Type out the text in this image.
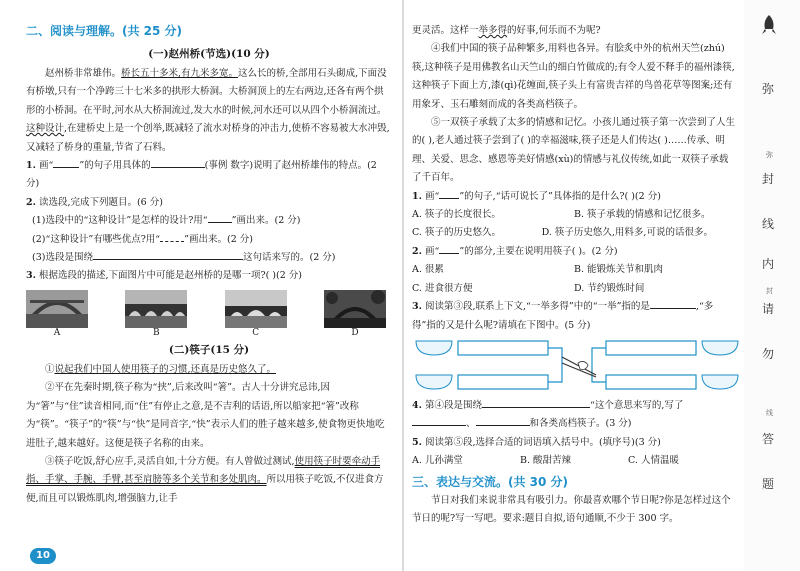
二、阅读与理解。(共 25 分)
(一)赵州桥(节选)(10 分)

赵州桥非常雄伟。桥长五十多米,有九米多宽。这么长的桥,全部用石头砌成,下面没有桥墩,只有一个净跨三十七米多的拱形大桥洞。大桥洞顶上的左右两边,还各有两个拱形的小桥洞。在平时,河水从大桥洞流过,发大水的时候,河水还可以从四个小桥洞流过。这种设计,在建桥史上是一个创举,既减轻了流水对桥身的冲击力,使桥不容易被大水冲毁,又减轻了桥身的重量,节省了石料。

1. 画“	”的句子用具体的	(事例 数字)说明了赵州桥雄伟的特点。(2 分)
2. 读选段,完成下列题目。(6 分)
(1)选段中的“这种设计”是怎样的设计?用“	”画出来。(2 分)
(2)“这种设计”有哪些优点?用“	”画出来。(2 分)
(3)选段是围绕	这句话来写的。(2 分)
3. 根据选段的描述,下面图片中可能是赵州桥的是哪一项?( )(2 分)
A	B	C	D
(二)筷子(15 分)

①说起我们中国人使用筷子的习惯,还真是历史悠久了。

②平在先秦时期,筷子称为“挟”,后来改叫“箸”。古人十分讲究忌讳,因为“箸”与“住”读音相同,而“住”有停止之意,是不吉利的话语,所以船家把“箸”改称为“筷”。“筷子”的“筷”与“快”是同音字,“快”表示人们的胜子越来越多,使食物更快地吃进肚子,越来越好。这便是筷子名称的由来。

③筷子吃饭,舒心应手,灵活自如,十分方便。有人曾做过测试,使用筷子时要牵动手指、手掌、手腕、手臂,甚至肩膀等多个关节和多处肌肉。所以用筷子吃饭,不仅进食方便,而且可以锻炼肌肉,增强脑力,让手

更灵活。这样一举多得的好事,何乐而不为呢?

④我们中国的筷子品种繁多,用料也各异。有脍炙中外的杭州天竺(zhú)筷,这种筷子是用佛教名山天竺山的细白竹做成的;有令人爱不释手的福州漆筷,这种筷子下面上方,漆(qì)花缠面,筷子头上有富贵吉祥的鸟兽花草等图案;还有用象牙、玉石雕刻而成的各类高档筷子。

⑤一双筷子承载了太多的情感和记忆。小孩儿通过筷子第一次尝到了人生的( ),老人通过筷子尝到了( )的幸福滋味,筷子还是人们传达( )……传承、明理、关爱、思念、感恩等美好情感(xù)的情感与礼仪传统,如此一双筷子承载了千百年。

1. 画“ ”的句子,“话可说长了”具体指的是什么?( )(2 分)
A. 筷子的长度很长。	B. 筷子承载的情感和记忆很多。
C. 筷子的历史悠久。	D. 筷子历史悠久,用料多,可说的话很多。
2. 画“ ”的部分,主要在说明用筷子( )。(2 分)
A. 很累	B. 能锻炼关节和肌肉
C. 进食很方便	D. 节约锻炼时间
3. 阅读第③段,联系上下文,“一举多得”中的“一举”指的是	,“多得”指的又是什么呢?请填在下图中。(5 分)
4. 第④段是围绕	“这个意思来写的,写了、	和各类高档筷子。(3 分)
5. 阅读第⑤段,选择合适的词语填入括号中。(填序号)(3 分)
A. 儿孙满堂	B. 酸甜苦辣	C. 人情温暖
三、表达与交流。(共 30 分)

节日对我们来说非常具有吸引力。你最喜欢哪个节日呢?你是怎样过这个节日的呢?写一写吧。要求:题目自拟,语句通顺,不少于 300 字。

弥
弥
封
线
封
内
请
勿
线
答
题
10
